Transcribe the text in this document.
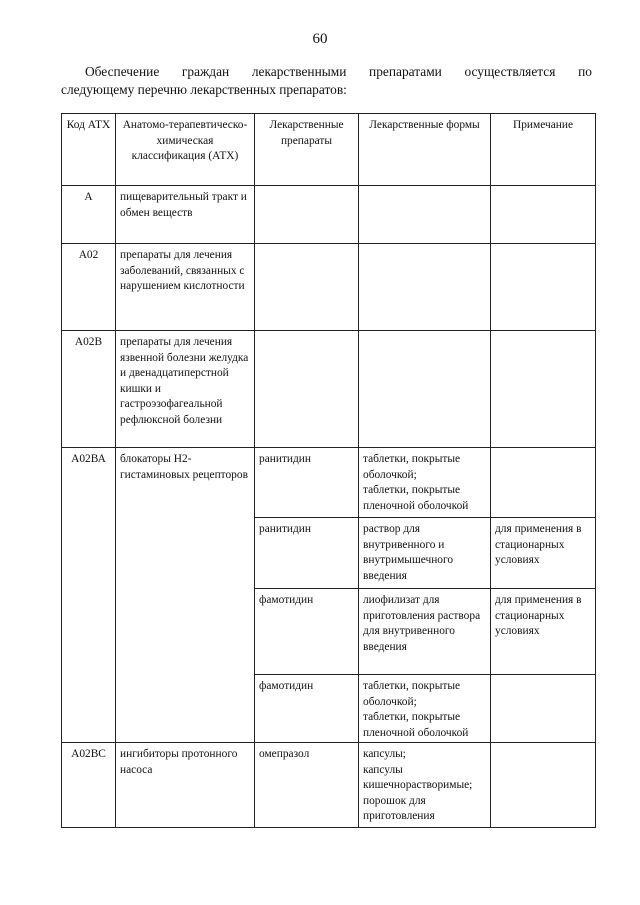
60
Обеспечение граждан лекарственными препаратами осуществляется по
следующему перечню лекарственных препаратов:
Код АТХ	Анатомо-терапевтическо-химическая классификация (АТХ)	Лекарственные препараты	Лекарственные формы	Примечание
А	пищеварительный тракт и обмен веществ			
А02	препараты для лечения заболеваний, связанных с нарушением кислотности			
А02В	препараты для лечения язвенной болезни желудка и двенадцатиперстной кишки и гастроэзофагеальной рефлюксной болезни			
А02ВА	блокаторы Н2-гистаминовых рецепторов	ранитидин	таблетки, покрытые оболочкой;
таблетки, покрытые пленочной оболочкой	
		ранитидин	раствор для внутривенного и внутримышечного введения	для применения в стационарных условиях
		фамотидин	лиофилизат для приготовления раствора для внутривенного введения	для применения в стационарных условиях
		фамотидин	таблетки, покрытые оболочкой;
таблетки, покрытые пленочной оболочкой	
А02ВС	ингибиторы протонного насоса	омепразол	капсулы;
капсулы кишечнорастворимые;
порошок для приготовления	
